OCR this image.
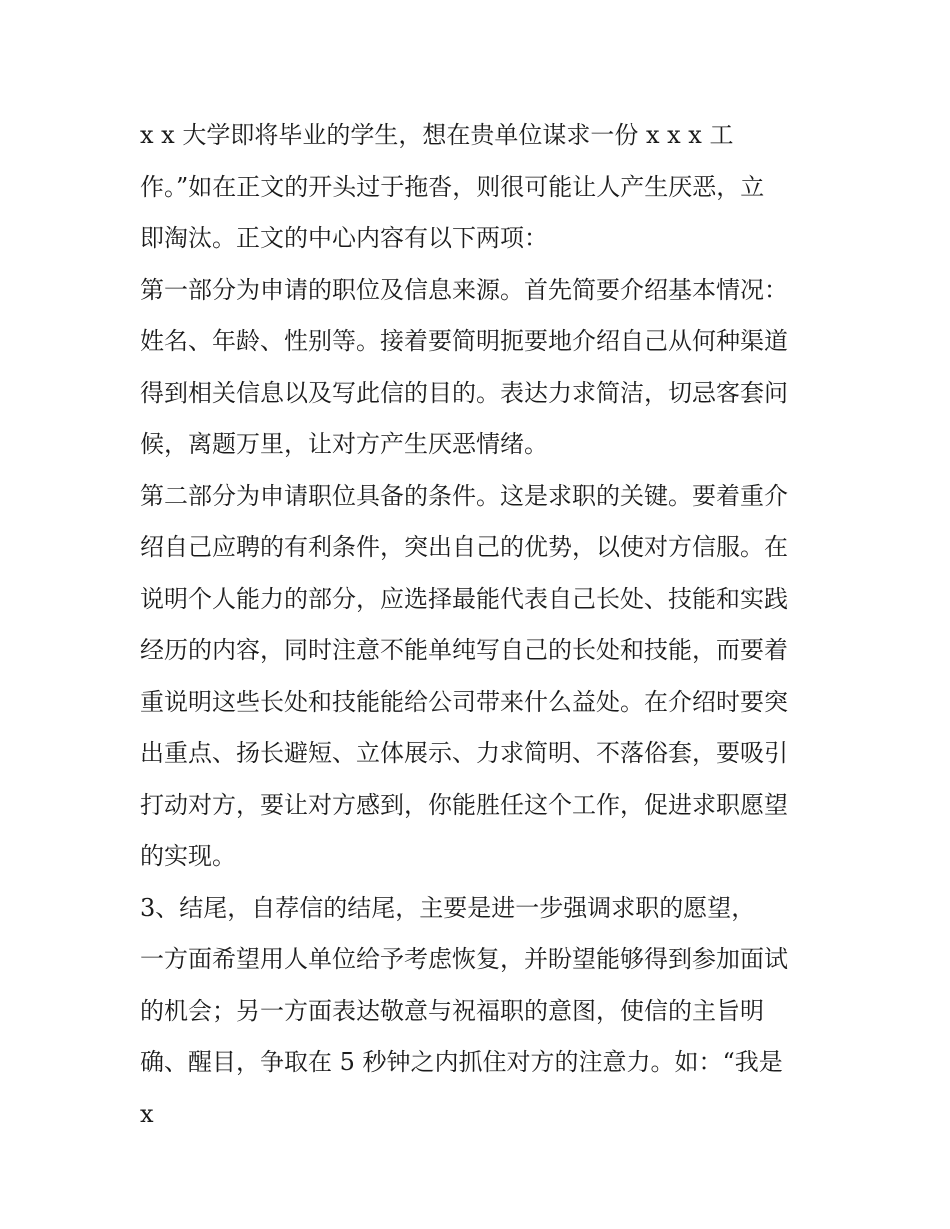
x x 大学即将毕业的学生，想在贵单位谋求一份 x x x 工
作。”如在正文的开头过于拖沓，则很可能让人产生厌恶，立
即淘汰。正文的中心内容有以下两项：
第一部分为申请的职位及信息来源。首先简要介绍基本情况：
姓名、年龄、性别等。接着要简明扼要地介绍自己从何种渠道
得到相关信息以及写此信的目的。表达力求简洁，切忌客套问
候，离题万里，让对方产生厌恶情绪。
第二部分为申请职位具备的条件。这是求职的关键。要着重介
绍自己应聘的有利条件，突出自己的优势，以使对方信服。在
说明个人能力的部分，应选择最能代表自己长处、技能和实践
经历的内容，同时注意不能单纯写自己的长处和技能，而要着
重说明这些长处和技能能给公司带来什么益处。在介绍时要突
出重点、扬长避短、立体展示、力求简明、不落俗套，要吸引
打动对方，要让对方感到，你能胜任这个工作，促进求职愿望
的实现。
3、结尾，自荐信的结尾，主要是进一步强调求职的愿望，
一方面希望用人单位给予考虑恢复，并盼望能够得到参加面试
的机会；另一方面表达敬意与祝福职的意图，使信的主旨明
确、醒目，争取在 5 秒钟之内抓住对方的注意力。如：“我是
x
